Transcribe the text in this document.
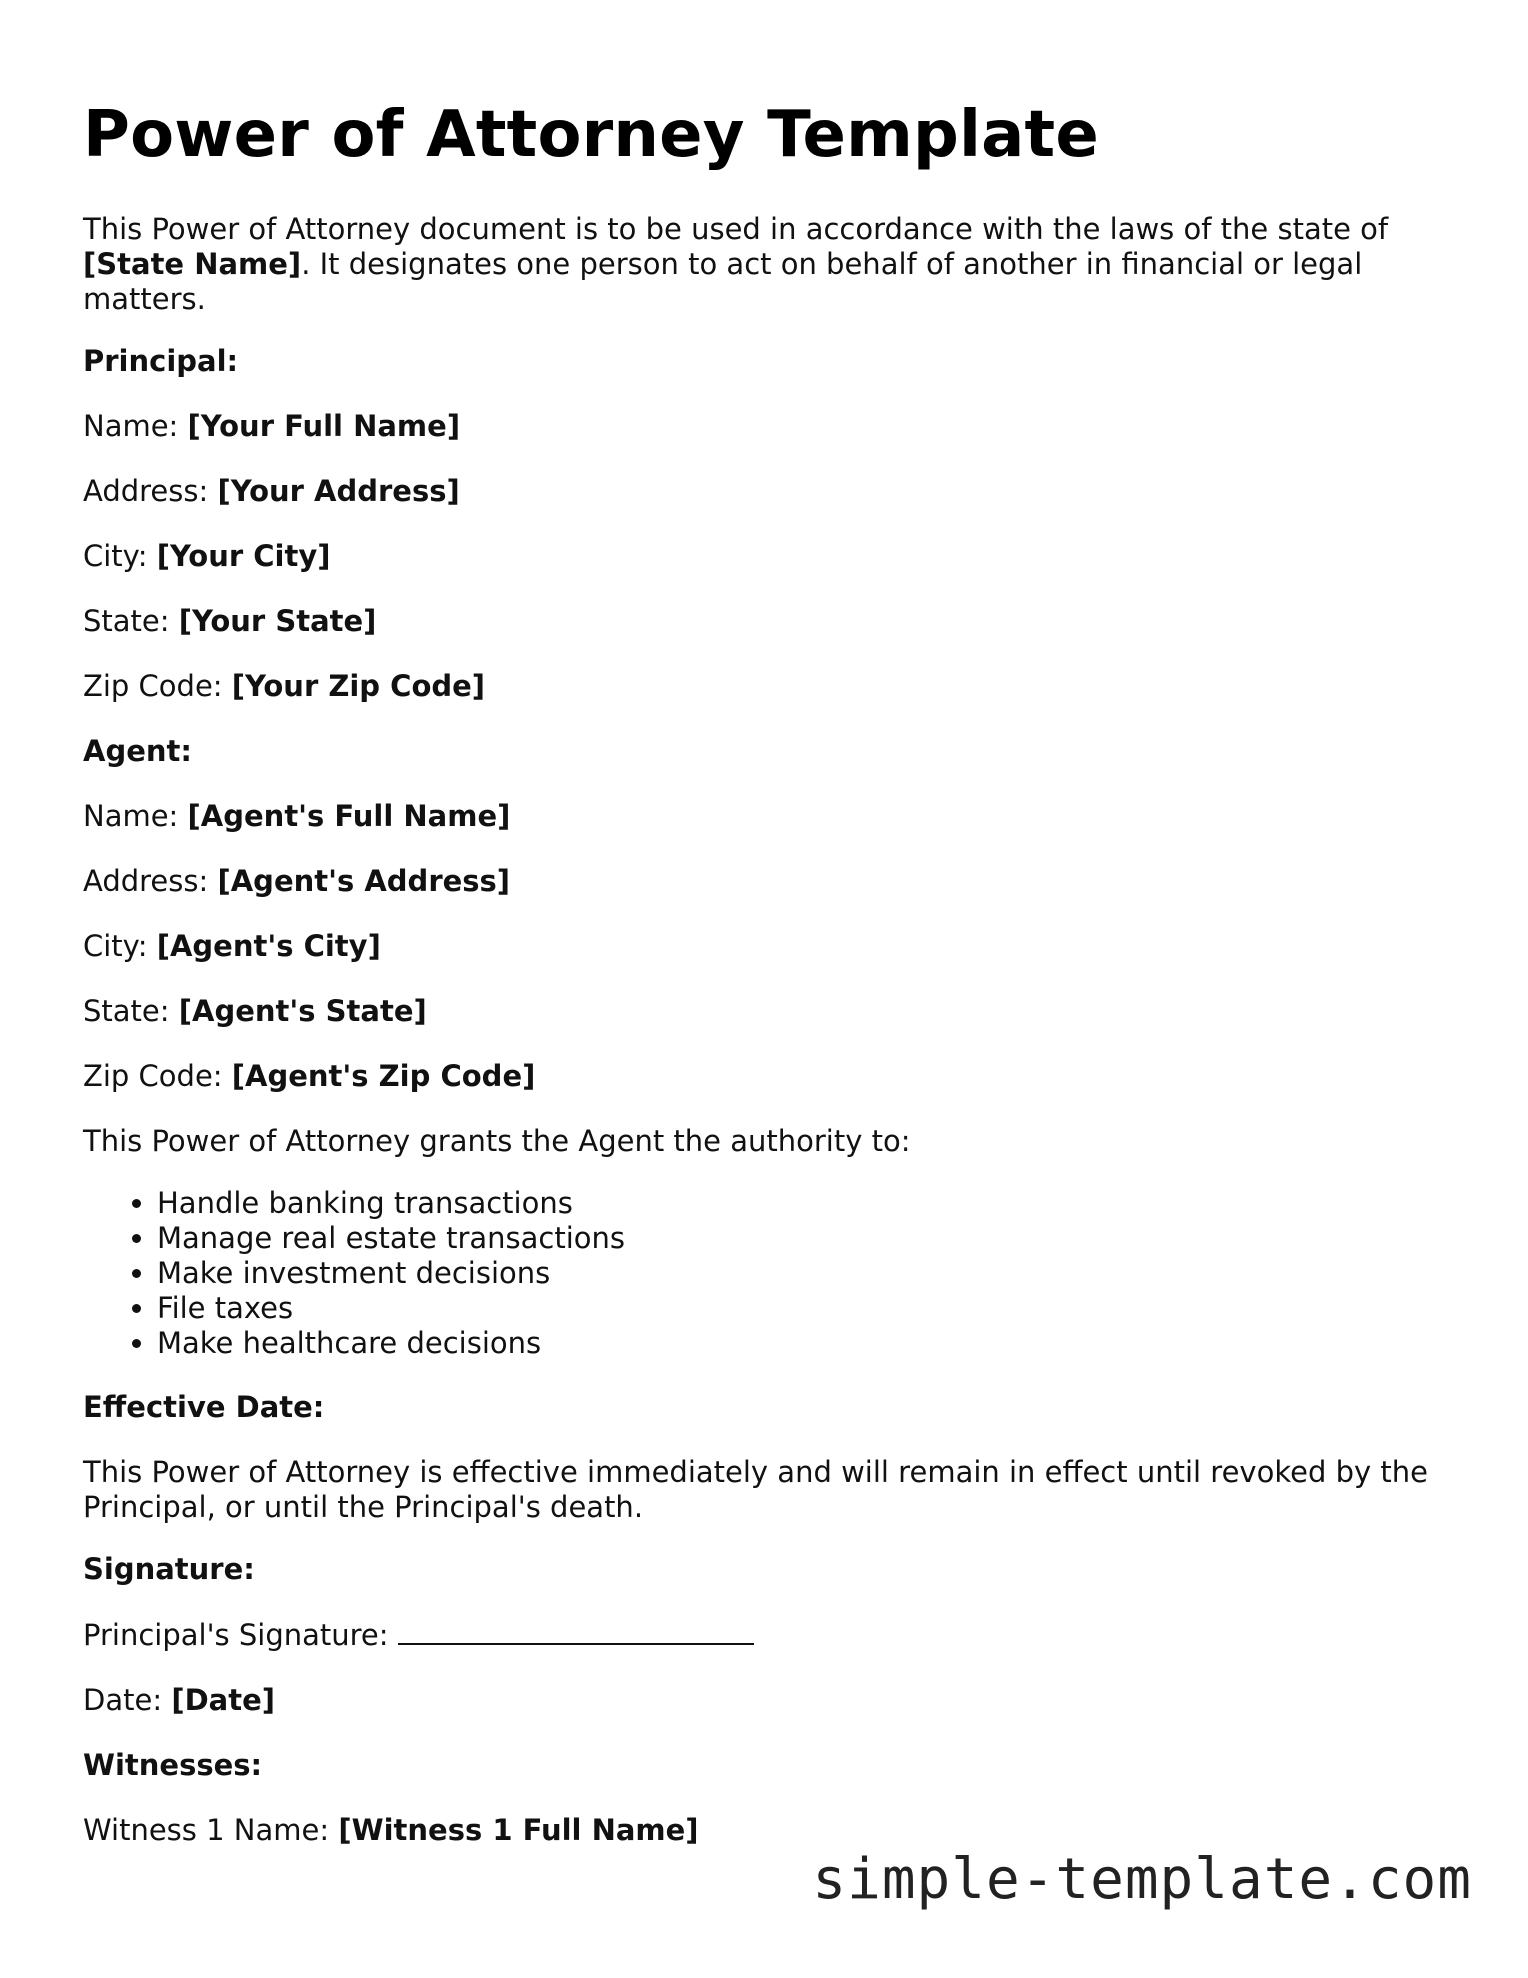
Power of Attorney Template

This Power of Attorney document is to be used in accordance with the laws of the state of [State Name]. It designates one person to act on behalf of another in financial or legal matters.

Principal:

Name: [Your Full Name]

Address: [Your Address]

City: [Your City]

State: [Your State]

Zip Code: [Your Zip Code]

Agent:

Name: [Agent's Full Name]

Address: [Agent's Address]

City: [Agent's City]

State: [Agent's State]

Zip Code: [Agent's Zip Code]

This Power of Attorney grants the Agent the authority to:

• Handle banking transactions
• Manage real estate transactions
• Make investment decisions
• File taxes
• Make healthcare decisions

Effective Date:

This Power of Attorney is effective immediately and will remain in effect until revoked by the Principal, or until the Principal's death.

Signature:

Principal's Signature:

Date: [Date]

Witnesses:

Witness 1 Name: [Witness 1 Full Name]

simple-template.com
